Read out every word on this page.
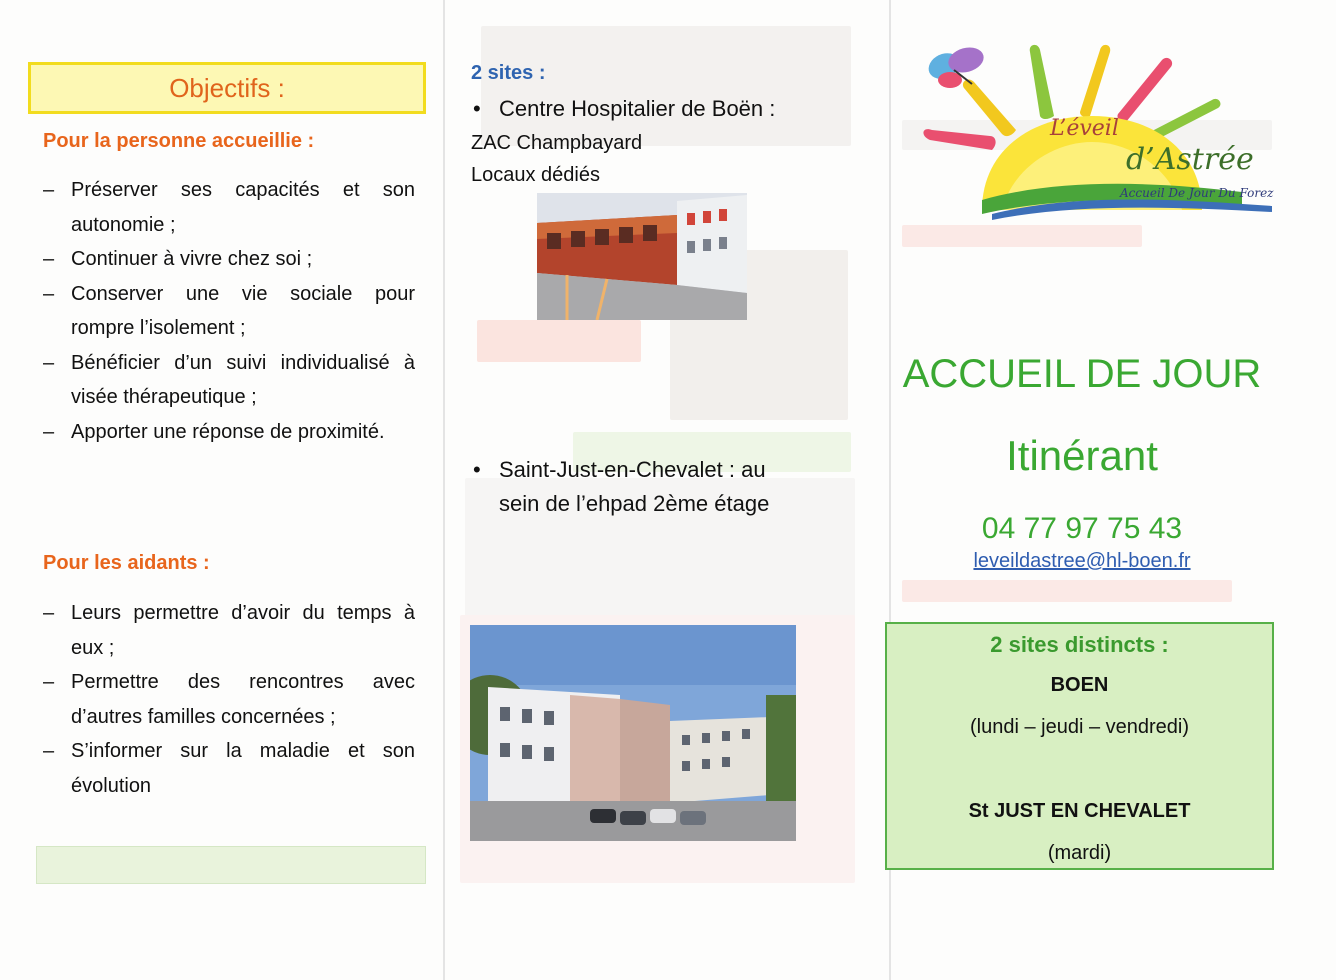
Objectifs :
Pour la personne accueillie :
– Préserver ses capacités et son autonomie ;
– Continuer à vivre chez soi ;
– Conserver une vie sociale pour rompre l’isolement ;
– Bénéficier d’un suivi individualisé à visée thérapeutique ;
– Apporter une réponse de proximité.
Pour les aidants :
– Leurs permettre d’avoir du temps à eux ;
– Permettre des rencontres avec d’autres familles concernées ;
– S’informer sur la maladie et son évolution
2 sites :
• Centre Hospitalier de Boën :
ZAC Champbayard
Locaux dédiés
• Saint-Just-en-Chevalet : au
sein de l’ehpad 2ème étage
L’éveil
d’Astrée
Accueil De Jour Du Forez
ACCUEIL DE JOUR
Itinérant
04 77 97 75 43
leveildastree@hl-boen.fr
2 sites distincts :
BOEN
(lundi – jeudi – vendredi)
St JUST EN CHEVALET
(mardi)
